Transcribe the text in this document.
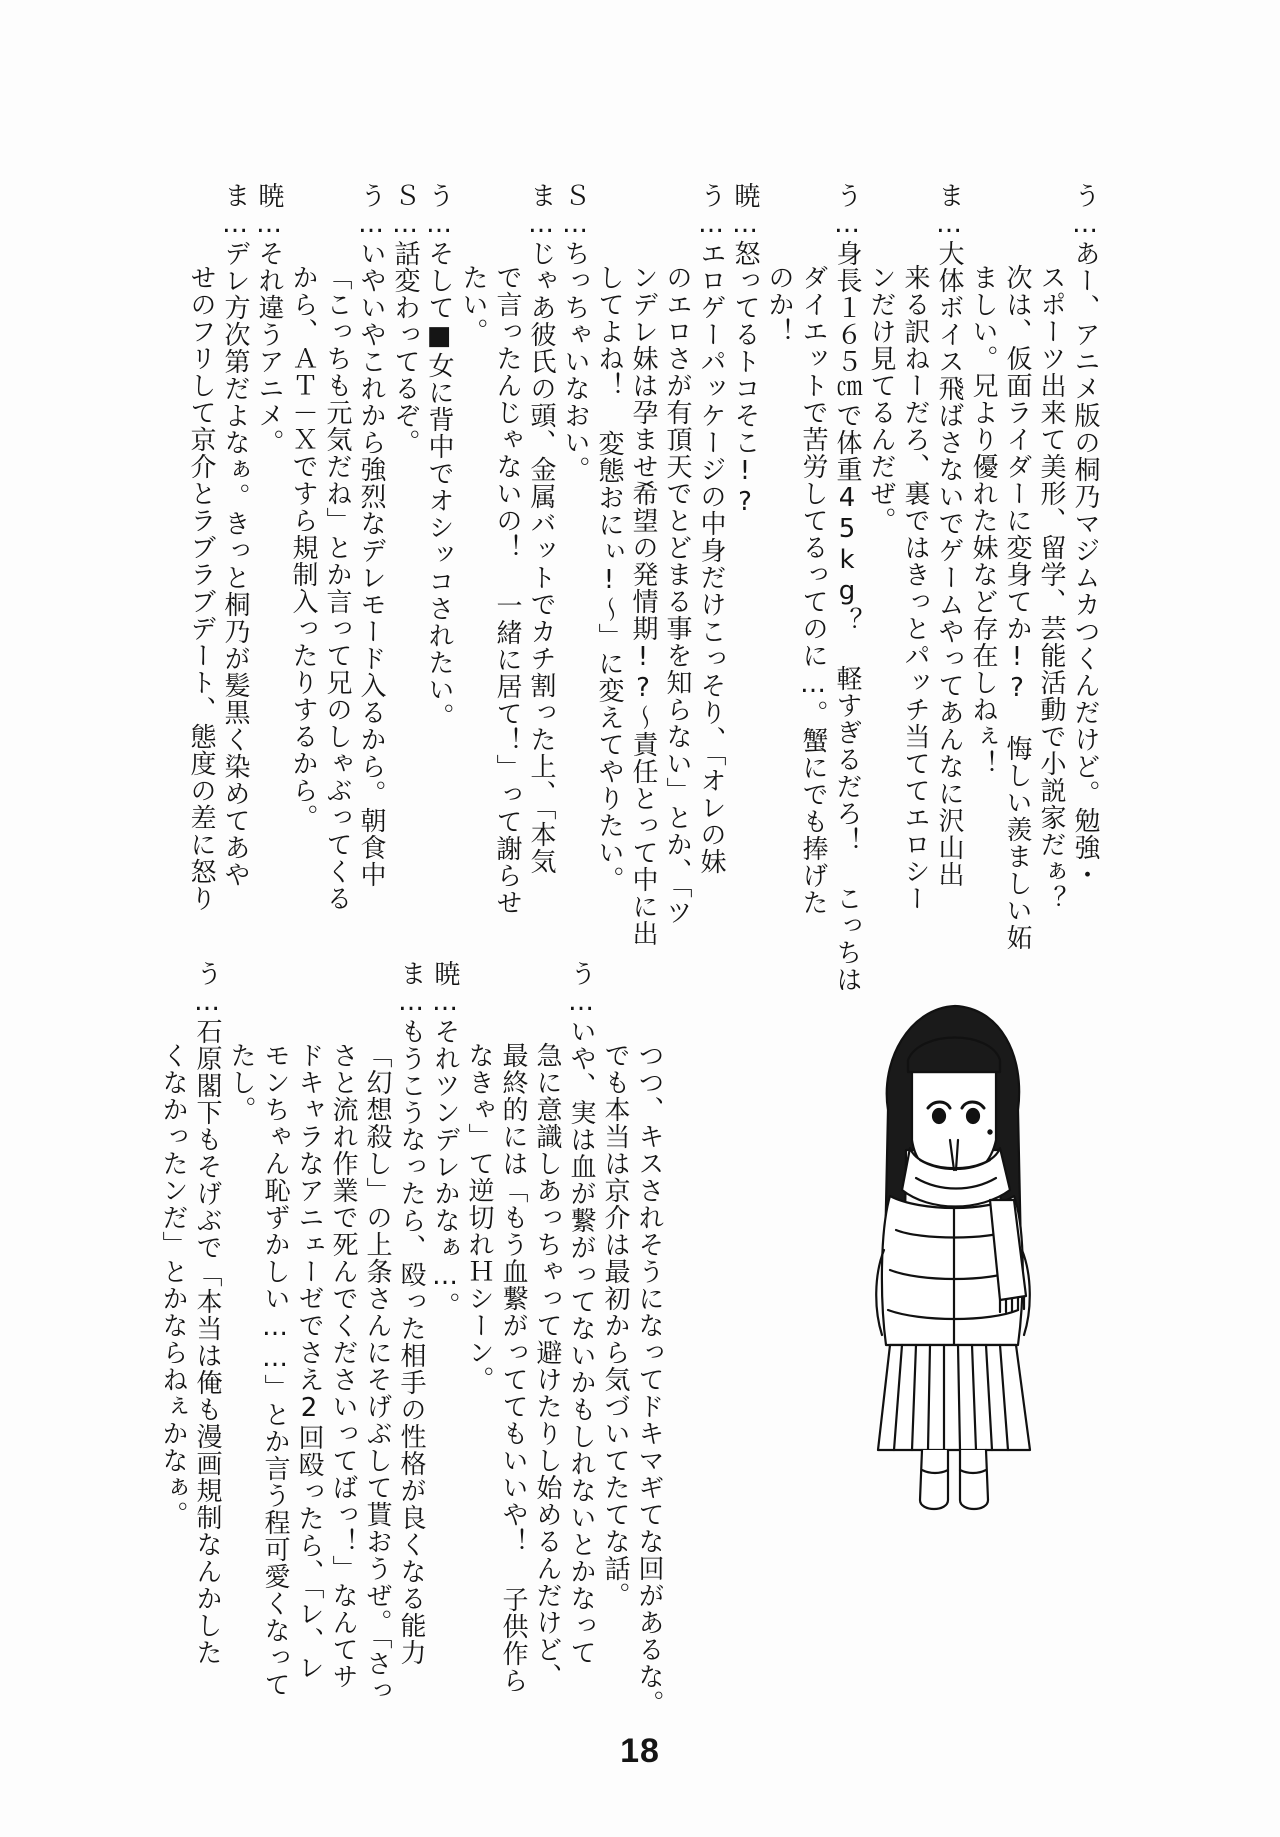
う…あー、アニメ版の桐乃マジムカつくんだけど。勉強・
スポーツ出来て美形、留学、芸能活動で小説家だぁ？
次は、仮面ライダーに変身てか!? 悔しい羨ましい妬
ましい。兄より優れた妹など存在しねぇ！
ま…大体ボイス飛ばさないでゲームやってあんなに沢山出
来る訳ねーだろ、裏ではきっとパッチ当ててエロシー
ンだけ見てるんだぜ。
う…身長１６５㎝で体重45kg？ 軽すぎるだろ！ こっちは
ダイエットで苦労してるってのに…。蟹にでも捧げた
のか！
暁…怒ってるトコそこ!?
う…エロゲーパッケージの中身だけこっそり、「オレの妹
のエロさが有頂天でとどまる事を知らない」とか、「ツ
ンデレ妹は孕ませ希望の発情期!?～責任とって中に出
してよね！ 変態おにぃ!～」に変えてやりたい。
Ｓ…ちっちゃいなおい。
ま…じゃあ彼氏の頭、金属バットでカチ割った上、「本気
で言ったんじゃないの！ 一緒に居て！」って謝らせ
たい。
う…そして■女に背中でオシッコされたい。
Ｓ…話変わってるぞ。
う…いやいやこれから強烈なデレモード入るから。朝食中
「こっちも元気だね」とか言って兄のしゃぶってくる
から、ＡＴ－Ｘですら規制入ったりするから。
暁…それ違うアニメ。
ま…デレ方次第だよなぁ。きっと桐乃が髪黒く染めてあや
せのフリして京介とラブラブデート、態度の差に怒り
つつ、キスされそうになってドキマギてな回があるな。
でも本当は京介は最初から気づいてたてな話。
う…いや、実は血が繋がってないかもしれないとかなって
急に意識しあっちゃって避けたりし始めるんだけど、
最終的には「もう血繋がっててもいいや！ 子供作ら
なきゃ」て逆切れＨシーン。
暁…それツンデレかなぁ…。
ま…もうこうなったら、殴った相手の性格が良くなる能力
「幻想殺し」の上条さんにそげぶして貰おうぜ。「さっ
さと流れ作業で死んでくださいってばっ！」なんてサ
ドキャラなアニェーゼでさえ2回殴ったら、「レ、レ
モンちゃん恥ずかしい……」とか言う程可愛くなって
たし。
う…石原閣下もそげぶで「本当は俺も漫画規制なんかした
くなかったンだ」とかならねぇかなぁ。
18
